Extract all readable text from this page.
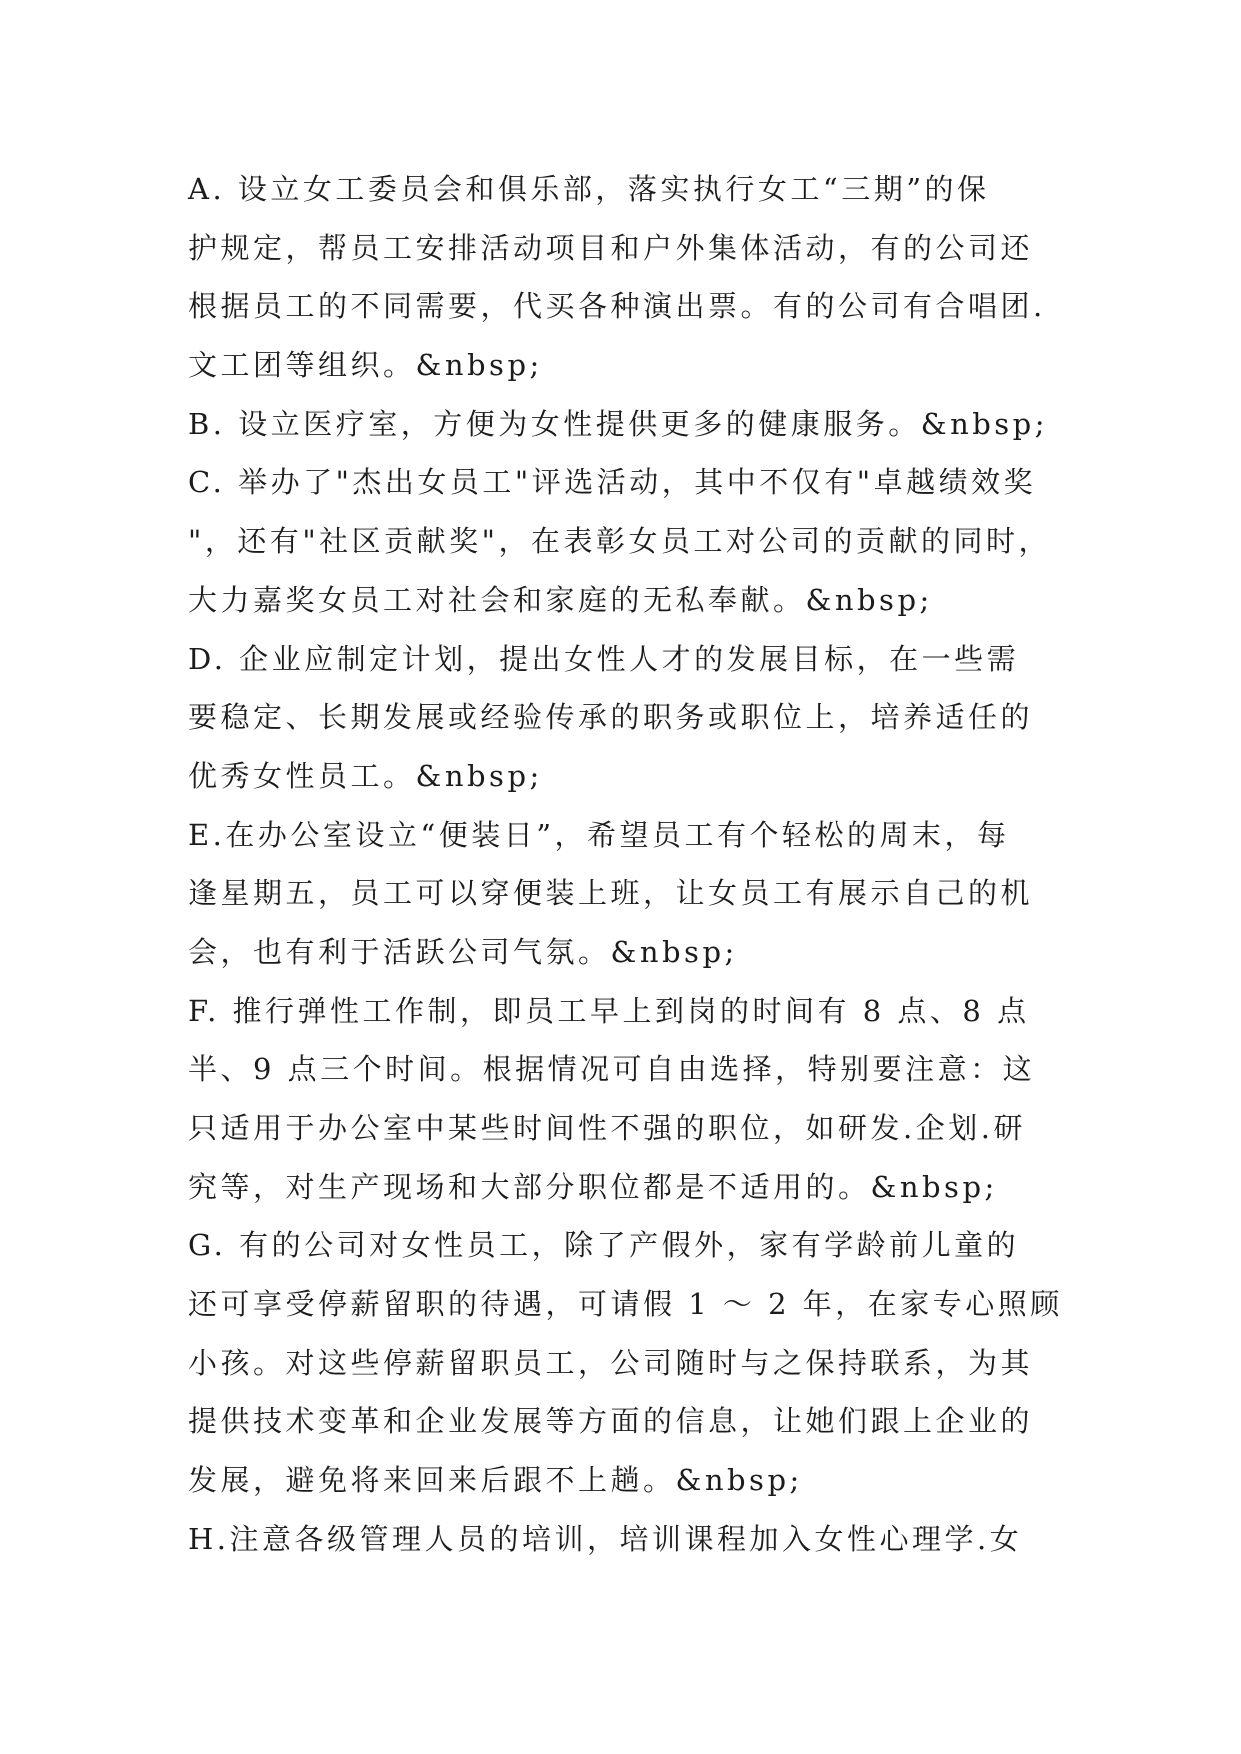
A. 设立女工委员会和俱乐部，落实执行女工“三期”的保
护规定，帮员工安排活动项目和户外集体活动，有的公司还
根据员工的不同需要，代买各种演出票。有的公司有合唱团.
文工团等组织。&nbsp;
B. 设立医疗室，方便为女性提供更多的健康服务。&nbsp;
C. 举办了"杰出女员工"评选活动，其中不仅有"卓越绩效奖
"，还有"社区贡献奖"，在表彰女员工对公司的贡献的同时，
大力嘉奖女员工对社会和家庭的无私奉献。&nbsp;
D. 企业应制定计划，提出女性人才的发展目标，在一些需
要稳定、长期发展或经验传承的职务或职位上，培养适任的
优秀女性员工。&nbsp;
E.在办公室设立“便装日”，希望员工有个轻松的周末，每
逢星期五，员工可以穿便装上班，让女员工有展示自己的机
会，也有利于活跃公司气氛。&nbsp;
F. 推行弹性工作制，即员工早上到岗的时间有 8 点、8 点
半、9 点三个时间。根据情况可自由选择，特别要注意：这
只适用于办公室中某些时间性不强的职位，如研发.企划.研
究等，对生产现场和大部分职位都是不适用的。&nbsp;
G. 有的公司对女性员工，除了产假外，家有学龄前儿童的
还可享受停薪留职的待遇，可请假 1 ～ 2 年，在家专心照顾
小孩。对这些停薪留职员工，公司随时与之保持联系，为其
提供技术变革和企业发展等方面的信息，让她们跟上企业的
发展，避免将来回来后跟不上趟。&nbsp;
H.注意各级管理人员的培训，培训课程加入女性心理学.女
